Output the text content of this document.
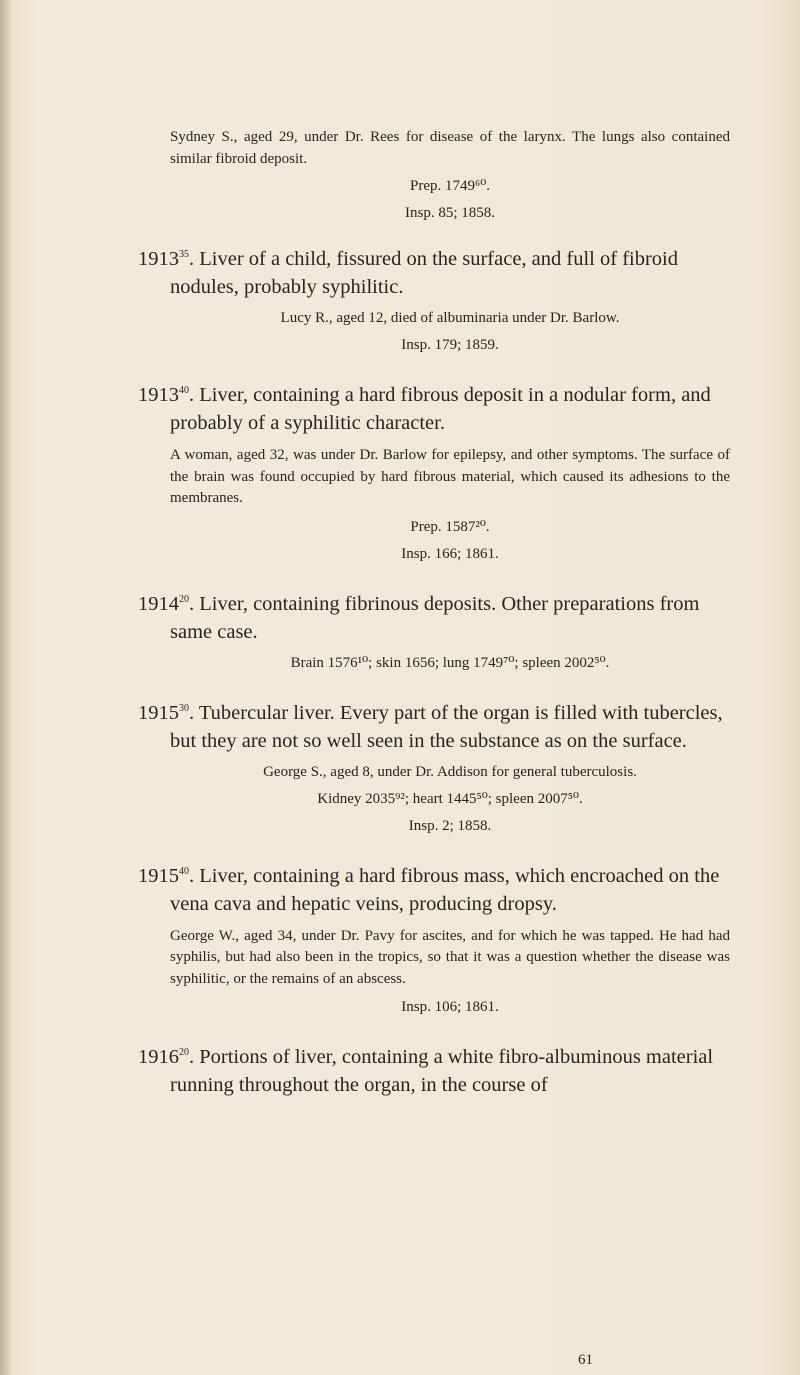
Sydney S., aged 29, under Dr. Rees for disease of the larynx. The lungs also contained similar fibroid deposit.

Prep. 1749⁶⁰.

Insp. 85; 1858.

1913$^{35}$. Liver of a child, fissured on the surface, and full of fibroid nodules, probably syphilitic.

Lucy R., aged 12, died of albuminaria under Dr. Barlow.

Insp. 179; 1859.

1913$^{40}$. Liver, containing a hard fibrous deposit in a nodular form, and probably of a syphilitic character.

A woman, aged 32, was under Dr. Barlow for epilepsy, and other symptoms. The surface of the brain was found occupied by hard fibrous material, which caused its adhesions to the membranes.

Prep. 1587²⁰.

Insp. 166; 1861.

1914$^{20}$. Liver, containing fibrinous deposits. Other preparations from same case.

Brain 1576¹⁰; skin 1656; lung 1749⁷⁰; spleen 2002⁵⁰.

1915$^{30}$. Tubercular liver. Every part of the organ is filled with tubercles, but they are not so well seen in the substance as on the surface.

George S., aged 8, under Dr. Addison for general tuberculosis.

Kidney 2035⁹²; heart 1445⁵⁰; spleen 2007⁵⁰.

Insp. 2; 1858.

1915$^{40}$. Liver, containing a hard fibrous mass, which encroached on the vena cava and hepatic veins, producing dropsy.

George W., aged 34, under Dr. Pavy for ascites, and for which he was tapped. He had had syphilis, but had also been in the tropics, so that it was a question whether the disease was syphilitic, or the remains of an abscess.

Insp. 106; 1861.

1916$^{20}$. Portions of liver, containing a white fibro-albuminous material running throughout the organ, in the course of

61
